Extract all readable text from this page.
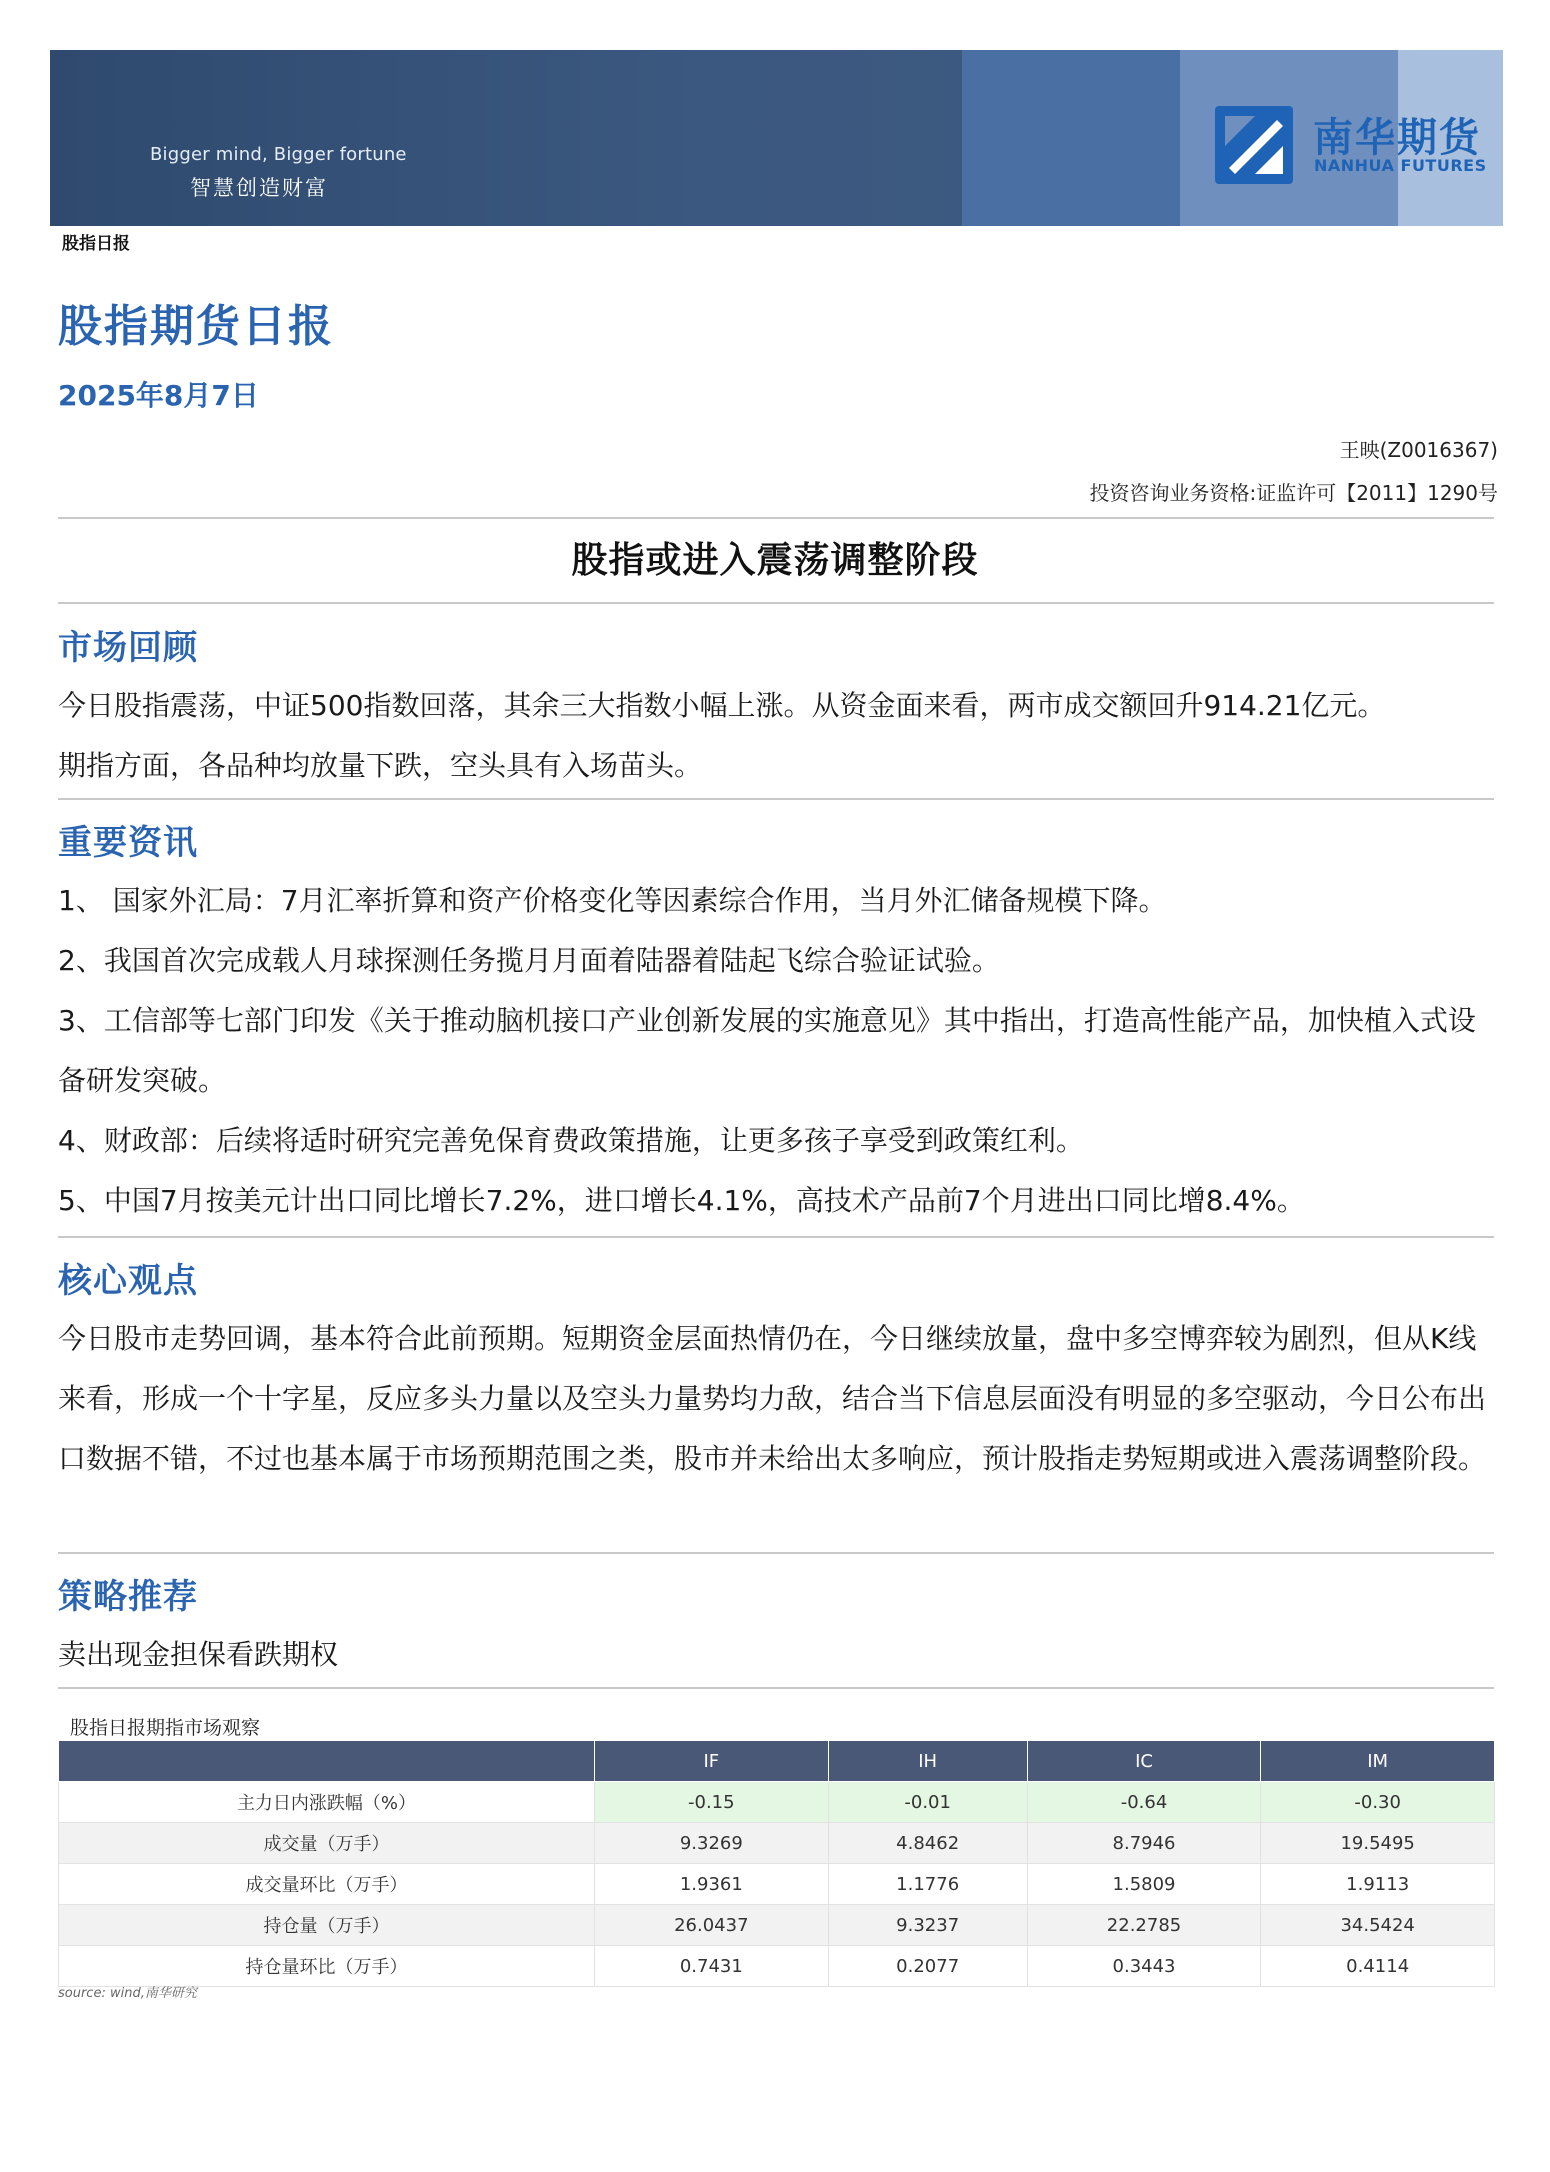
Bigger mind, Bigger fortune
智慧创造财富
南华期货
NANHUA FUTURES
股指日报
股指期货日报
2025年8月7日
王映(Z0016367)
投资咨询业务资格:证监许可【2011】1290号
股指或进入震荡调整阶段
市场回顾

今日股指震荡，中证500指数回落，其余三大指数小幅上涨。从资金面来看，两市成交额回升914.21亿元。

期指方面，各品种均放量下跌，空头具有入场苗头。

重要资讯

1、 国家外汇局：7月汇率折算和资产价格变化等因素综合作用，当月外汇储备规模下降。

2、我国首次完成载人月球探测任务揽月月面着陆器着陆起飞综合验证试验。

3、工信部等七部门印发《关于推动脑机接口产业创新发展的实施意见》其中指出，打造高性能产品，加快植入式设备研发突破。

4、财政部：后续将适时研究完善免保育费政策措施，让更多孩子享受到政策红利。

5、中国7月按美元计出口同比增长7.2%，进口增长4.1%，高技术产品前7个月进出口同比增8.4%。

核心观点

今日股市走势回调，基本符合此前预期。短期资金层面热情仍在，今日继续放量，盘中多空博弈较为剧烈，但从K线来看，形成一个十字星，反应多头力量以及空头力量势均力敌，结合当下信息层面没有明显的多空驱动，今日公布出口数据不错，不过也基本属于市场预期范围之类，股市并未给出太多响应，预计股指走势短期或进入震荡调整阶段。

策略推荐

卖出现金担保看跌期权

股指日报期指市场观察
	IF	IH	IC	IM
主力日内涨跌幅（%）	-0.15	-0.01	-0.64	-0.30
成交量（万手）	9.3269	4.8462	8.7946	19.5495
成交量环比（万手）	1.9361	1.1776	1.5809	1.9113
持仓量（万手）	26.0437	9.3237	22.2785	34.5424
持仓量环比（万手）	0.7431	0.2077	0.3443	0.4114
source: wind,南华研究
